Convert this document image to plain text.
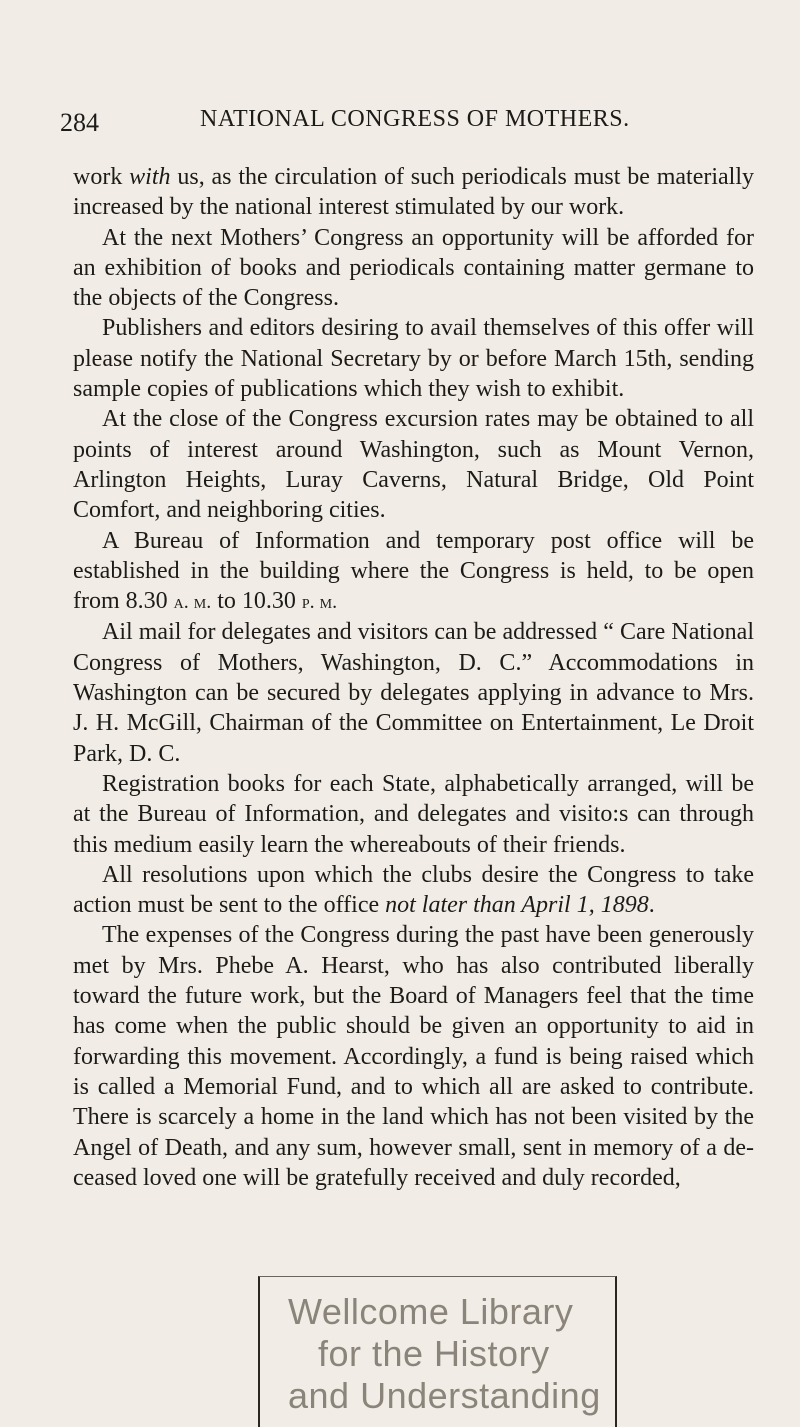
284	NATIONAL CONGRESS OF MOTHERS.

work with us, as the circulation of such periodicals must be materially increased by the national interest stimulated by our work.

At the next Mothers’ Congress an opportunity will be afforded for an exhibition of books and periodicals containing matter germane to the objects of the Congress.

Publishers and editors desiring to avail themselves of this offer will please notify the National Secretary by or before March 15th, sending sample copies of publications which they wish to exhibit.

At the close of the Congress excursion rates may be obtained to all points of interest around Washington, such as Mount Vernon, Arlington Heights, Luray Caverns, Natural Bridge, Old Point Comfort, and neighboring cities.

A Bureau of Information and temporary post office will be established in the building where the Congress is held, to be open from 8.30 a. m. to 10.30 p. m.

Ail mail for delegates and visitors can be addressed “ Care National Congress of Mothers, Washington, D. C.” Accommodations in Washington can be secured by delegates applying in advance to Mrs. J. H. McGill, Chairman of the Committee on Entertainment, Le Droit Park, D. C.

Registration books for each State, alphabetically arranged, will be at the Bureau of Information, and delegates and visito:s can through this medium easily learn the whereabouts of their friends.

All resolutions upon which the clubs desire the Congress to take action must be sent to the office not later than April 1, 1898.

The expenses of the Congress during the past have been generously met by Mrs. Phebe A. Hearst, who has also contributed liberally toward the future work, but the Board of Managers feel that the time has come when the public should be given an opportunity to aid in forwarding this movement. Accordingly, a fund is being raised which is called a Memorial Fund, and to which all are asked to contribute. There is scarcely a home in the land which has not been visited by the Angel of Death, and any sum, however small, sent in memory of a deceased loved one will be gratefully received and duly recorded,

Wellcome Library
for the History
and Understanding
